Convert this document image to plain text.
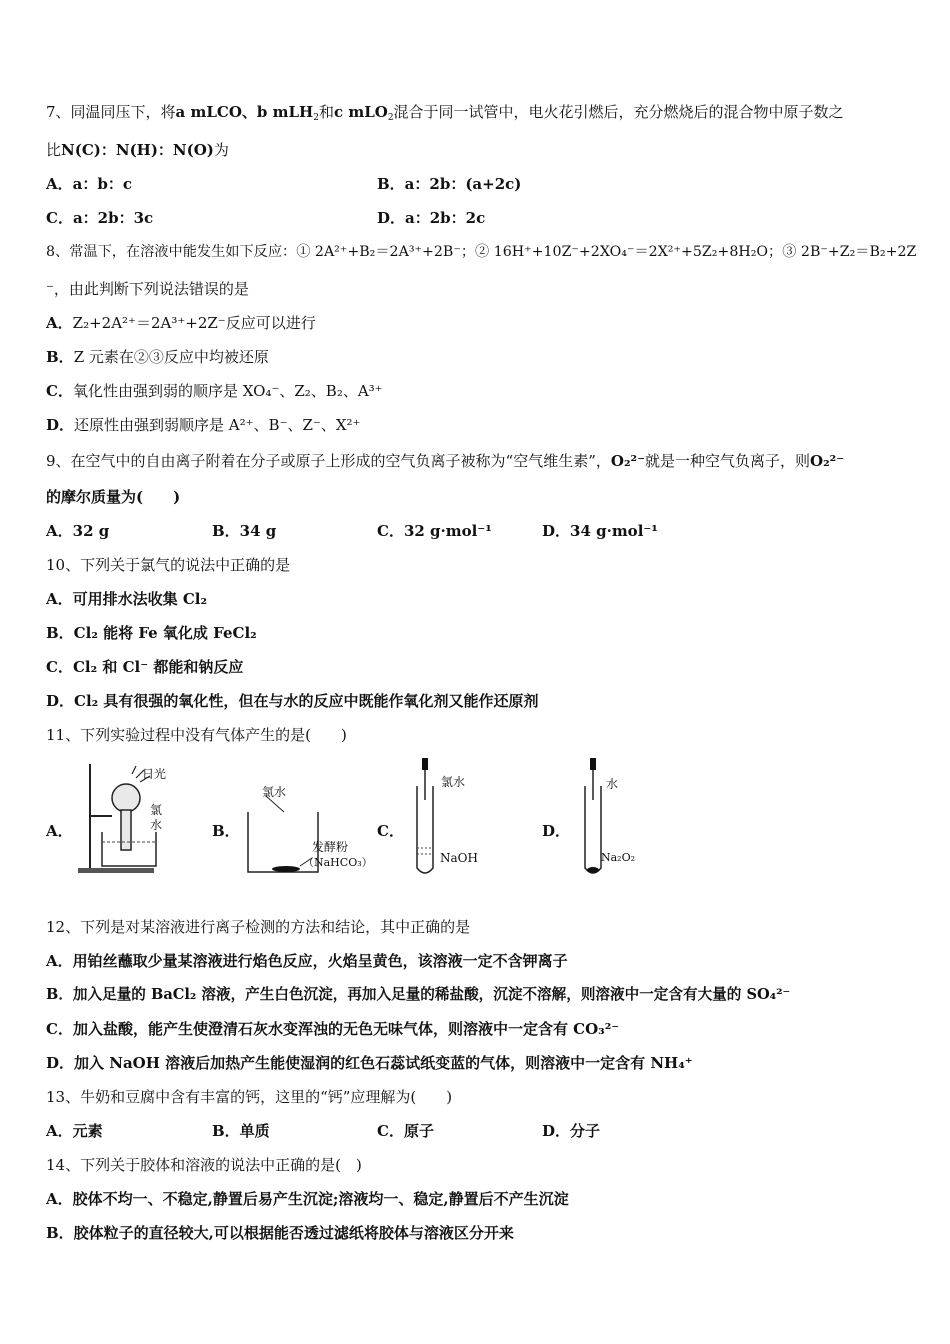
7、同温同压下，将a mLCO、b mLH$_2$和c mLO$_2$混合于同一试管中，电火花引燃后，充分燃烧后的混合物中原子数之
比N(C)：N(H)：N(O)为
A．a：b：c	B．a：2b：(a+2c)
C．a：2b：3c	D．a：2b：2c
8、常温下，在溶液中能发生如下反应：① 2A²⁺+B₂＝2A³⁺+2B⁻；② 16H⁺+10Z⁻+2XO₄⁻＝2X²⁺+5Z₂+8H₂O；③ 2B⁻+Z₂＝B₂+2Z
⁻，由此判断下列说法错误的是
A．Z₂+2A²⁺＝2A³⁺+2Z⁻反应可以进行
B．Z 元素在②③反应中均被还原
C．氧化性由强到弱的顺序是 XO₄⁻、Z₂、B₂、A³⁺
D．还原性由强到弱顺序是 A²⁺、B⁻、Z⁻、X²⁺
9、在空气中的自由离子附着在分子或原子上形成的空气负离子被称为“空气维生素”，O₂²⁻就是一种空气负离子，则O₂²⁻
的摩尔质量为(　　)
A．32 g	B．34 g	C．32 g·mol⁻¹	D．34 g·mol⁻¹
10、下列关于氯气的说法中正确的是
A．可用排水法收集 Cl₂
B．Cl₂ 能将 Fe 氧化成 FeCl₂
C．Cl₂ 和 Cl⁻ 都能和钠反应
D．Cl₂ 具有很强的氧化性，但在与水的反应中既能作氧化剂又能作还原剂
11、下列实验过程中没有气体产生的是(　　)
A．	B．	C．	D．
日光
氯
水
氯水
发酵粉
（NaHCO₃）
氯水
NaOH
水
Na₂O₂
12、下列是对某溶液进行离子检测的方法和结论，其中正确的是
A．用铂丝蘸取少量某溶液进行焰色反应，火焰呈黄色，该溶液一定不含钾离子
B．加入足量的 BaCl₂ 溶液，产生白色沉淀，再加入足量的稀盐酸，沉淀不溶解，则溶液中一定含有大量的 SO₄²⁻
C．加入盐酸，能产生使澄清石灰水变浑浊的无色无味气体，则溶液中一定含有 CO₃²⁻
D．加入 NaOH 溶液后加热产生能使湿润的红色石蕊试纸变蓝的气体，则溶液中一定含有 NH₄⁺
13、牛奶和豆腐中含有丰富的钙，这里的“钙”应理解为(　　)
A．元素	B．单质	C．原子	D．分子
14、下列关于胶体和溶液的说法中正确的是(　)
A．胶体不均一、不稳定,静置后易产生沉淀;溶液均一、稳定,静置后不产生沉淀
B．胶体粒子的直径较大,可以根据能否透过滤纸将胶体与溶液区分开来
